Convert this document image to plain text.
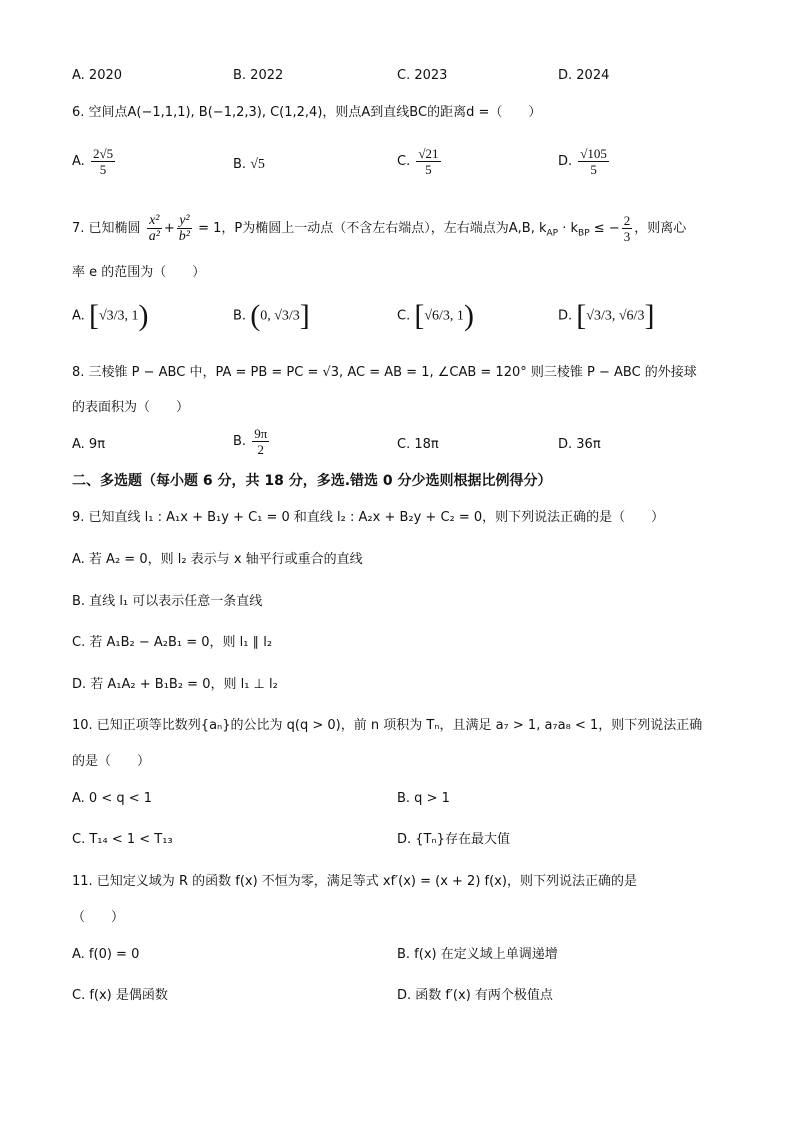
A. 2020	B. 2022	C. 2023	D. 2024
6. 空间点A(−1,1,1), B(−1,2,3), C(1,2,4)，则点A到直线BC的距离d =（　　）
A. $\frac{2√5}{5}$	B. √5	C. $\frac{√21}{5}$	D. $\frac{√105}{5}$
7. 已知椭圆 $\frac{\text{x²}}{\text{a²}} + \frac{\text{y²}}{\text{b²}} = 1$，P为椭圆上一动点（不含左右端点），左右端点为A,B, $k_{AP} \cdot k_{BP}$ ≤ − $\frac{2}{3}$ ，则离心
率 e 的范围为（　　）
A. [√3/3, 1)	B. (0, √3/3]	C. [√6/3, 1)	D. [√3/3, √6/3]
8. 三棱锥 P − ABC 中，PA = PB = PC = √3, AC = AB = 1, ∠CAB = 120° 则三棱锥 P − ABC 的外接球
的表面积为（　　）
A. 9π	B. $\frac{9\pi}{2}$	C. 18π	D. 36π
二、多选题（每小题 6 分，共 18 分，多选.错选 0 分少选则根据比例得分）
9. 已知直线 l₁ : A₁x + B₁y + C₁ = 0 和直线 l₂ : A₂x + B₂y + C₂ = 0，则下列说法正确的是（　　）
A. 若 A₂ = 0，则 l₂ 表示与 x 轴平行或重合的直线
B. 直线 l₁ 可以表示任意一条直线
C. 若 A₁B₂ − A₂B₁ = 0，则 l₁ ∥ l₂
D. 若 A₁A₂ + B₁B₂ = 0，则 l₁ ⊥ l₂
10. 已知正项等比数列{aₙ}的公比为 q(q > 0)，前 n 项积为 Tₙ，且满足 a₇ > 1, a₇a₈ < 1，则下列说法正确
的是（　　）
A. 0 < q < 1	B. q > 1
C. T₁₄ < 1 < T₁₃	D. {Tₙ}存在最大值
11. 已知定义域为 R 的函数 f(x) 不恒为零，满足等式 xf′(x) = (x + 2) f(x)，则下列说法正确的是
（　　）
A. f(0) = 0	B. f(x) 在定义域上单调递增
C. f(x) 是偶函数	D. 函数 f′(x) 有两个极值点
